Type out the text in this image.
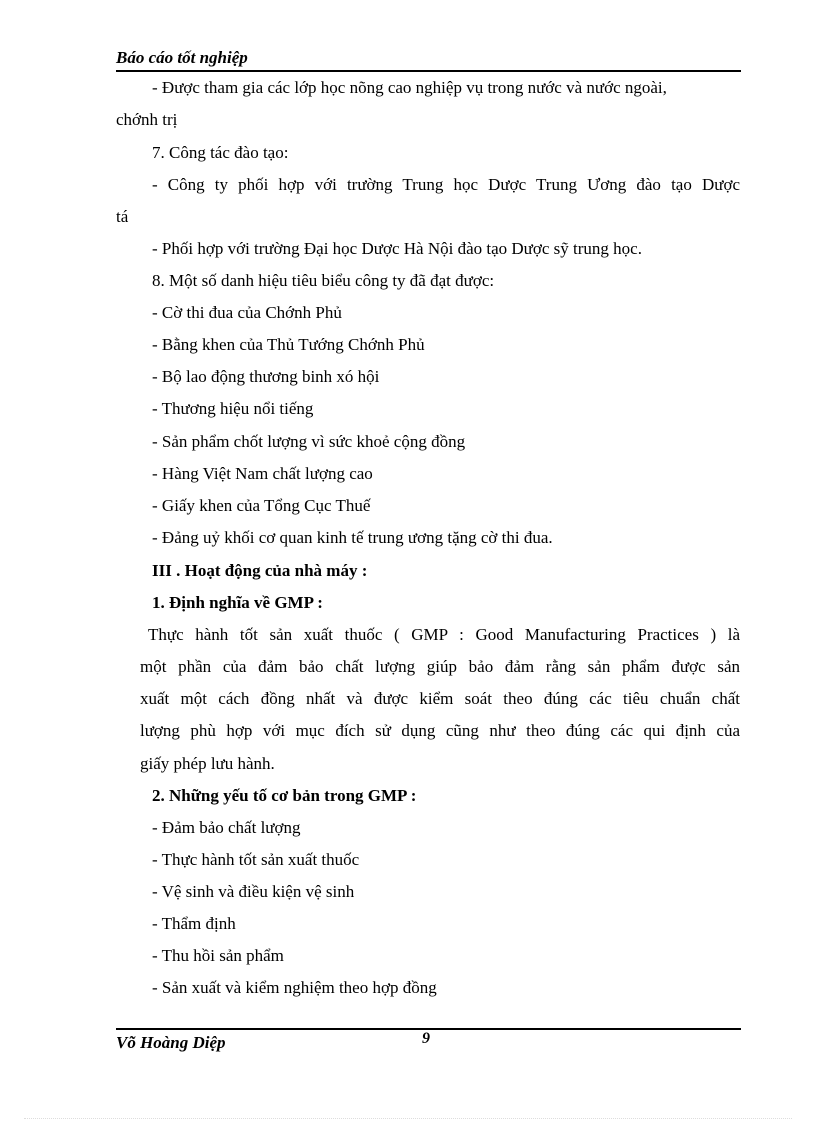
Báo cáo tốt nghiệp
- Được tham gia các lớp học nõng cao nghiệp vụ trong nước và nước ngoài,
chớnh trị
7. Công tác đào tạo:
- Công ty phối hợp với trường Trung học Dược Trung Ương đào tạo Dược
tá
- Phối hợp với trường Đại học Dược Hà Nội đào tạo Dược sỹ trung học.
8. Một số danh hiệu tiêu biểu công ty đã đạt được:
- Cờ thi đua của Chớnh Phủ
- Bằng khen của Thủ Tướng Chớnh Phủ
- Bộ lao động thương binh xó hội
- Thương hiệu nổi tiếng
- Sản phẩm chốt lượng vì sức khoẻ cộng đồng
- Hàng Việt Nam chất lượng cao
- Giấy khen của Tổng Cục Thuế
- Đảng uỷ khối cơ quan kinh tế trung ương tặng cờ thi đua.
III . Hoạt động của nhà máy :
1. Định nghĩa về GMP :
Thực hành tốt sản xuất thuốc ( GMP : Good Manufacturing Practices ) là
một phần của đảm bảo chất lượng giúp bảo đảm rằng sản phẩm được sản
xuất một cách đồng nhất và được kiểm soát theo đúng các tiêu chuẩn chất
lượng phù hợp với mục đích sử dụng cũng như theo đúng các qui định của
giấy phép lưu hành.
2. Những yếu tố cơ bản trong GMP :
- Đảm bảo chất lượng
- Thực hành tốt sản xuất thuốc
- Vệ sinh và điều kiện vệ sinh
- Thẩm định
- Thu hồi sản phẩm
- Sản xuất và kiểm nghiệm theo hợp đồng
Võ Hoàng Diệp	9
